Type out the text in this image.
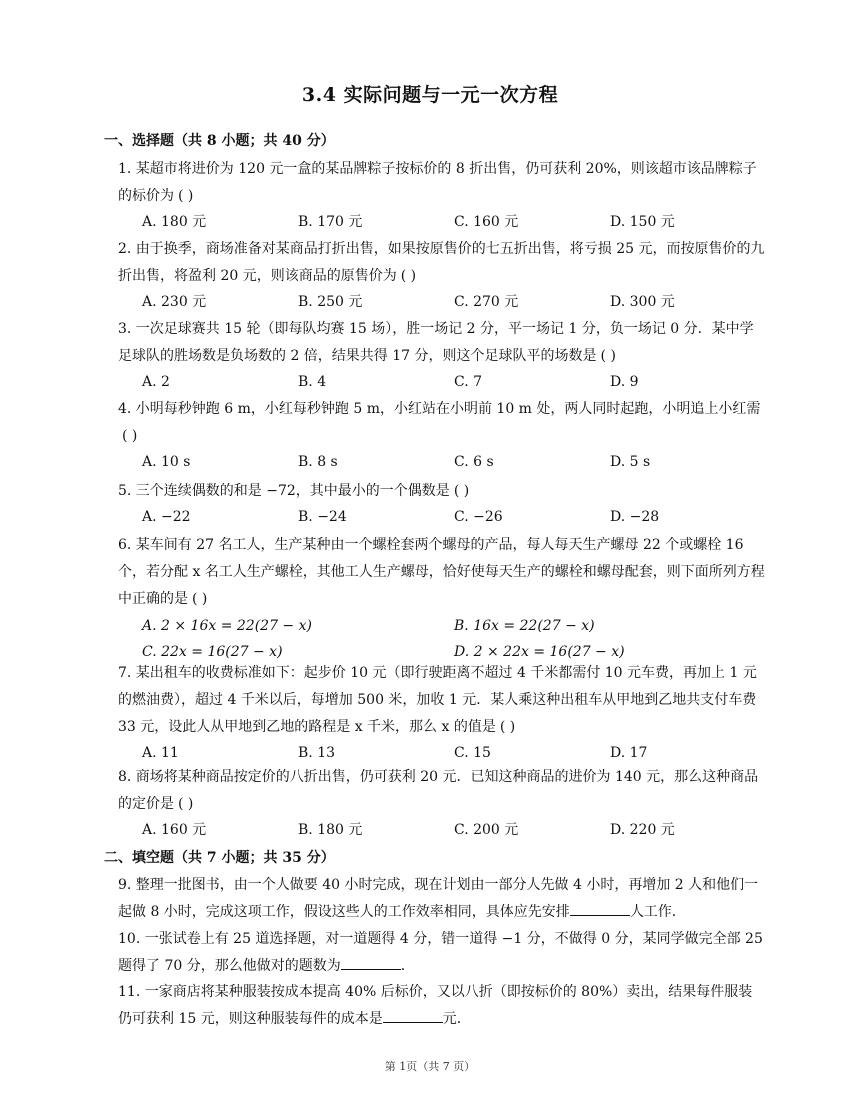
3.4 实际问题与一元一次方程
一、选择题（共 8 小题；共 40 分）
1. 某超市将进价为 120 元一盒的某品牌粽子按标价的 8 折出售，仍可获利 20%，则该超市该品牌粽子的标价为 ( )
A. 180 元	B. 170 元	C. 160 元	D. 150 元
2. 由于换季，商场准备对某商品打折出售，如果按原售价的七五折出售，将亏损 25 元，而按原售价的九折出售，将盈利 20 元，则该商品的原售价为 ( )
A. 230 元	B. 250 元	C. 270 元	D. 300 元
3. 一次足球赛共 15 轮（即每队均赛 15 场），胜一场记 2 分，平一场记 1 分，负一场记 0 分．某中学足球队的胜场数是负场数的 2 倍，结果共得 17 分，则这个足球队平的场数是 ( )
A. 2	B. 4	C. 7	D. 9
4. 小明每秒钟跑 6 m，小红每秒钟跑 5 m，小红站在小明前 10 m 处，两人同时起跑，小明追上小红需( )
A. 10 s	B. 8 s	C. 6 s	D. 5 s
5. 三个连续偶数的和是 −72，其中最小的一个偶数是 ( )
A. −22	B. −24	C. −26	D. −28
6. 某车间有 27 名工人，生产某种由一个螺栓套两个螺母的产品，每人每天生产螺母 22 个或螺栓 16 个，若分配 x 名工人生产螺栓，其他工人生产螺母，恰好使每天生产的螺栓和螺母配套，则下面所列方程中正确的是 ( )
A. 2 × 16x = 22(27 − x)	B. 16x = 22(27 − x)
C. 22x = 16(27 − x)	D. 2 × 22x = 16(27 − x)
7. 某出租车的收费标准如下：起步价 10 元（即行驶距离不超过 4 千米都需付 10 元车费，再加上 1 元的燃油费），超过 4 千米以后，每增加 500 米，加收 1 元．某人乘这种出租车从甲地到乙地共支付车费 33 元，设此人从甲地到乙地的路程是 x 千米，那么 x 的值是 ( )
A. 11	B. 13	C. 15	D. 17
8. 商场将某种商品按定价的八折出售，仍可获利 20 元．已知这种商品的进价为 140 元，那么这种商品的定价是 ( )
A. 160 元	B. 180 元	C. 200 元	D. 220 元
二、填空题（共 7 小题；共 35 分）
9. 整理一批图书，由一个人做要 40 小时完成，现在计划由一部分人先做 4 小时，再增加 2 人和他们一起做 8 小时，完成这项工作，假设这些人的工作效率相同，具体应先安排	人工作．
10. 一张试卷上有 25 道选择题，对一道题得 4 分，错一道得 −1 分，不做得 0 分，某同学做完全部 25 题得了 70 分，那么他做对的题数为	．
11. 一家商店将某种服装按成本提高 40% 后标价，又以八折（即按标价的 80%）卖出，结果每件服装仍可获利 15 元，则这种服装每件的成本是	元．
第 1页（共 7 页）
